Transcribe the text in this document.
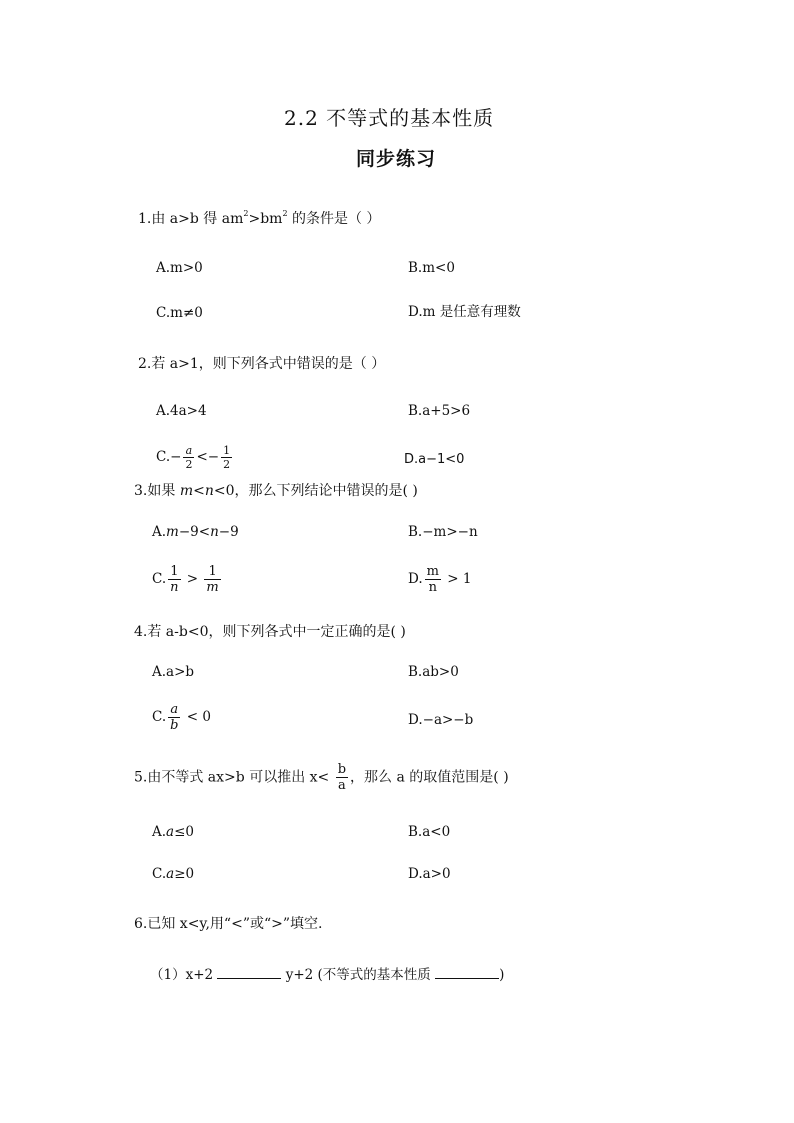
2.2 不等式的基本性质
同步练习
1.由 a>b 得 $am^2>bm^2$ 的条件是（ ）
A.m>0	B.m<0
C.m≠0	D.m 是任意有理数
2.若 a>1，则下列各式中错误的是（ ）
A.4a>4	B.a+5>6
$C.- \frac{a}{2} <- \frac{1}{2}$	D.a−1<0
3.如果 m<n<0，那么下列结论中错误的是( )
A.m−9<n−9	B.−m>−n
C. $\frac{1}{n} > \frac{1}{m}$	D. $\frac{m}{n} > 1$
4.若 a-b<0，则下列各式中一定正确的是( )
A.a>b	B.ab>0
C. $\frac{a}{b} < 0$	D.−a>−b
5.由不等式 ax>b 可以推出 $x< \frac{b}{a}$ ，那么 a 的取值范围是( )
A.a≤0	B.a<0
C.a≥0	D.a>0
6.已知 x<y,用“<”或“>”填空.
（1）x+2	y+2 (不等式的基本性质	)
